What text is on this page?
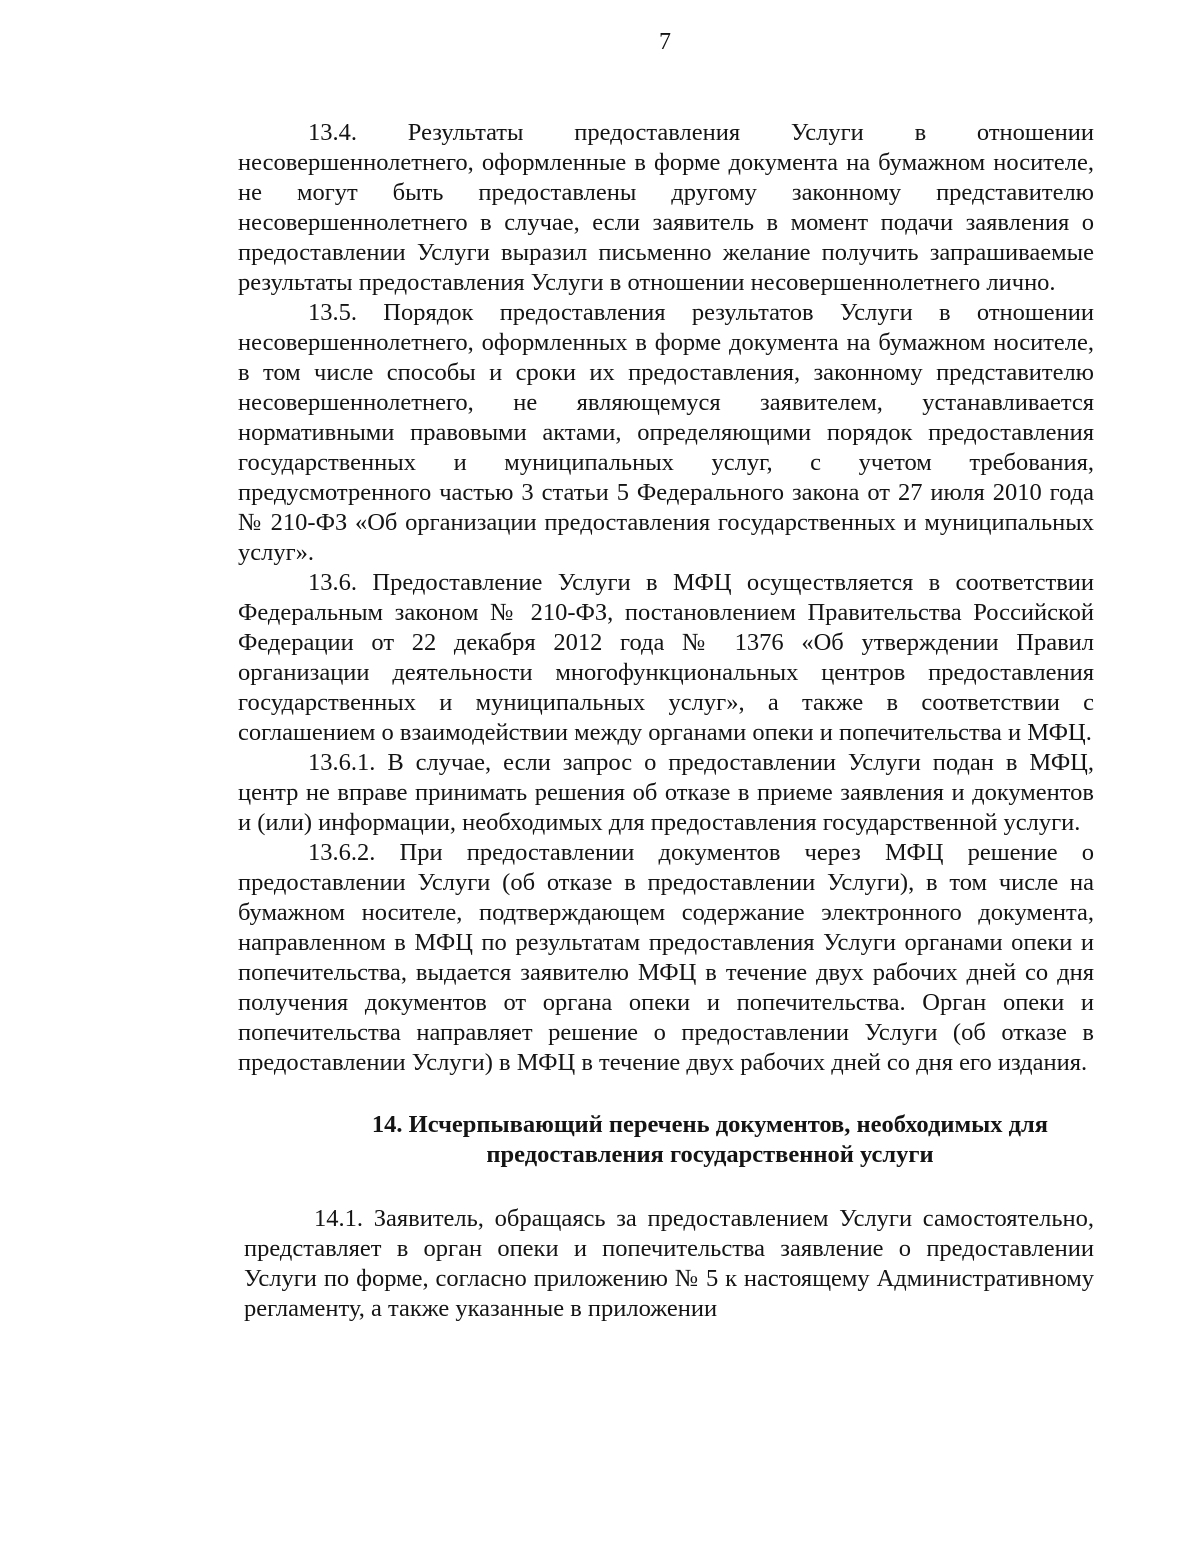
7

13.4. Результаты предоставления Услуги в отношении несовершеннолетнего, оформленные в форме документа на бумажном носителе, не могут быть предоставлены другому законному представителю несовершеннолетнего в случае, если заявитель в момент подачи заявления о предоставлении Услуги выразил письменно желание получить запрашиваемые результаты предоставления Услуги в отношении несовершеннолетнего лично.

13.5. Порядок предоставления результатов Услуги в отношении несовершеннолетнего, оформленных в форме документа на бумажном носителе, в том числе способы и сроки их предоставления, законному представителю несовершеннолетнего, не являющемуся заявителем, устанавливается нормативными правовыми актами, определяющими порядок предоставления государственных и муниципальных услуг, с учетом требования, предусмотренного частью 3 статьи 5 Федерального закона от 27 июля 2010 года № 210-ФЗ «Об организации предоставления государственных и муниципальных услуг».

13.6. Предоставление Услуги в МФЦ осуществляется в соответствии Федеральным законом № 210-ФЗ, постановлением Правительства Российской Федерации от 22 декабря 2012 года № 1376 «Об утверждении Правил организации деятельности многофункциональных центров предоставления государственных и муниципальных услуг», а также в соответствии с соглашением о взаимодействии между органами опеки и попечительства и МФЦ.

13.6.1. В случае, если запрос о предоставлении Услуги подан в МФЦ, центр не вправе принимать решения об отказе в приеме заявления и документов и (или) информации, необходимых для предоставления государственной услуги.

13.6.2. При предоставлении документов через МФЦ решение о предоставлении Услуги (об отказе в предоставлении Услуги), в том числе на бумажном носителе, подтверждающем содержание электронного документа, направленном в МФЦ по результатам предоставления Услуги органами опеки и попечительства, выдается заявителю МФЦ в течение двух рабочих дней со дня получения документов от органа опеки и попечительства. Орган опеки и попечительства направляет решение о предоставлении Услуги (об отказе в предоставлении Услуги) в МФЦ в течение двух рабочих дней со дня его издания.

14. Исчерпывающий перечень документов, необходимых для

предоставления государственной услуги

14.1. Заявитель, обращаясь за предоставлением Услуги самостоятельно, представляет в орган опеки и попечительства заявление о предоставлении Услуги по форме, согласно приложению № 5 к настоящему Административному регламенту, а также указанные в приложении
